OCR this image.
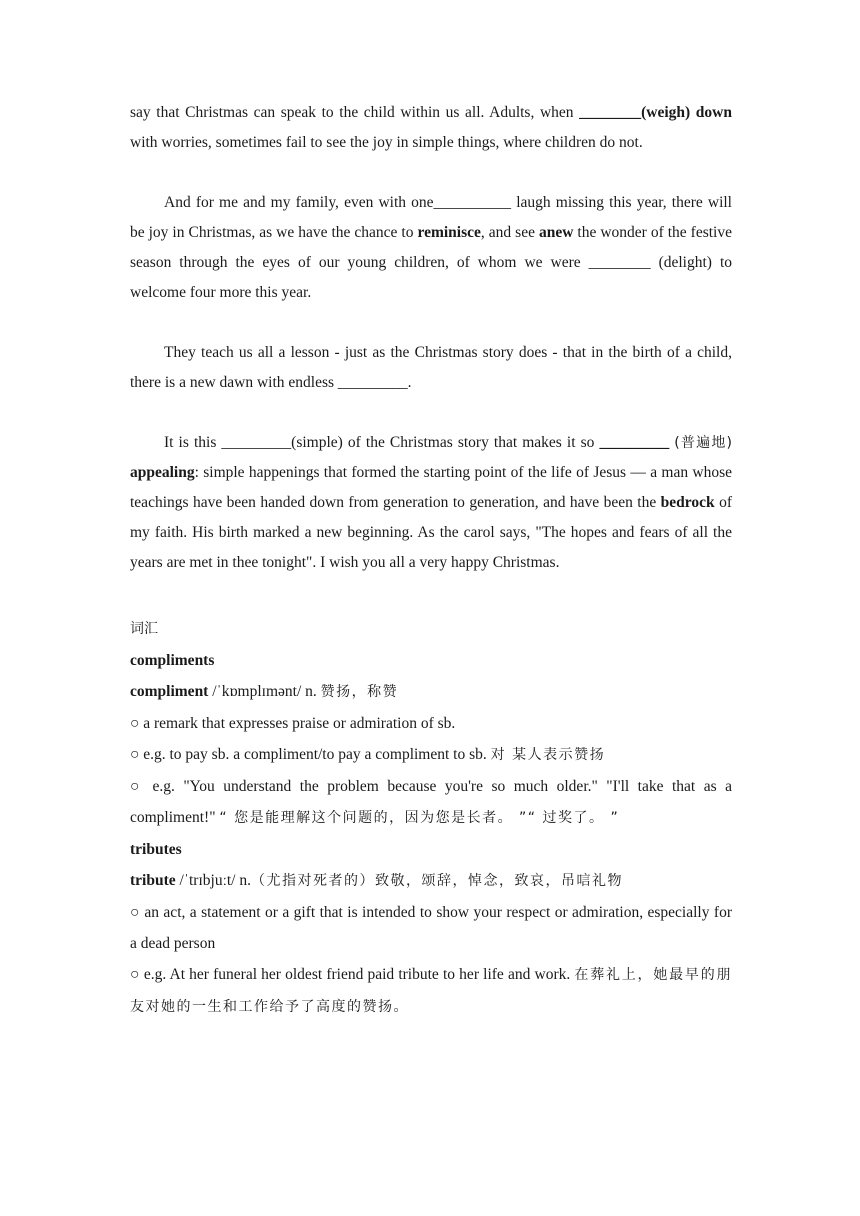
say that Christmas can speak to the child within us all. Adults, when ________(weigh) down with worries, sometimes fail to see the joy in simple things, where children do not.

And for me and my family, even with one__________ laugh missing this year, there will be joy in Christmas, as we have the chance to reminisce, and see anew the wonder of the festive season through the eyes of our young children, of whom we were ________ (delight) to welcome four more this year.

They teach us all a lesson - just as the Christmas story does - that in the birth of a child, there is a new dawn with endless _________.

It is this _________(simple) of the Christmas story that makes it so _________ (普遍地) appealing: simple happenings that formed the starting point of the life of Jesus — a man whose teachings have been handed down from generation to generation, and have been the bedrock of my faith. His birth marked a new beginning. As the carol says, "The hopes and fears of all the years are met in thee tonight". I wish you all a very happy Christmas.

词汇

compliments

compliment /ˈkɒmplɪmənt/ n. 赞扬，称赞

○ a remark that expresses praise or admiration of sb.

○ e.g. to pay sb. a compliment/to pay a compliment to sb. 对 某人表示赞扬

○ e.g. "You understand the problem because you're so much older." "I'll take that as a compliment!" “ 您是能理解这个问题的，因为您是长者。 ”“ 过奖了。 ”

tributes

tribute /ˈtrɪbjuːt/ n.（尤指对死者的）致敬，颂辞，悼念，致哀，吊唁礼物

○ an act, a statement or a gift that is intended to show your respect or admiration, especially for a dead person

○ e.g. At her funeral her oldest friend paid tribute to her life and work. 在葬礼上，她最早的朋友对她的一生和工作给予了高度的赞扬。
